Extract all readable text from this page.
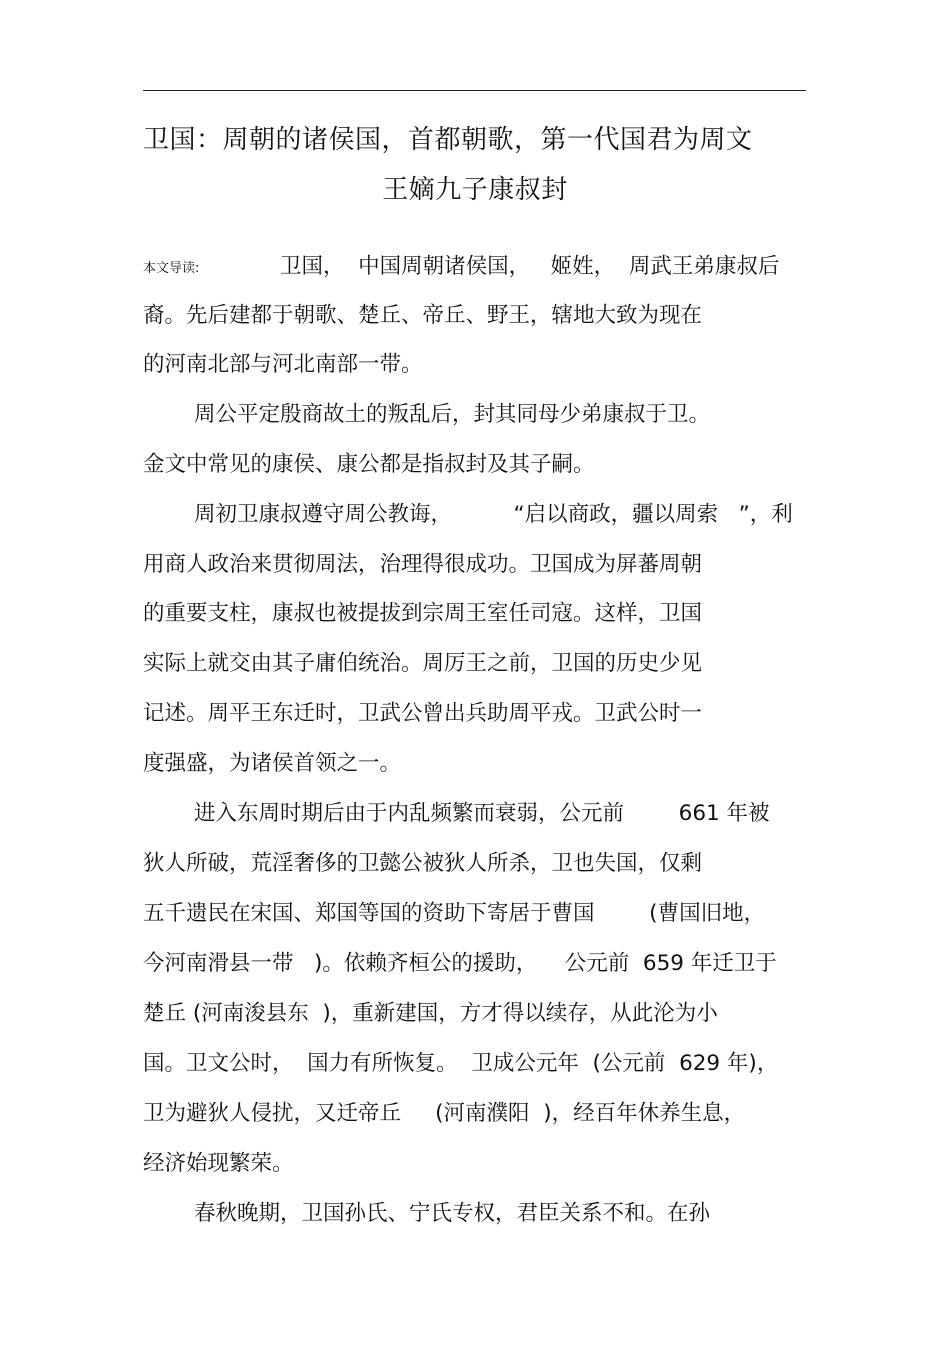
卫国：周朝的诸侯国，首都朝歌，第一代国君为周文
王嫡九子康叔封
本文导读:	卫国，  中国周朝诸侯国，   姬姓，  周武王弟康叔后
裔。先后建都于朝歌、楚丘、帝丘、野王，辖地大致为现在
的河南北部与河北南部一带。
周公平定殷商故土的叛乱后，封其同母少弟康叔于卫。
金文中常见的康侯、康公都是指叔封及其子嗣。
周初卫康叔遵守周公教诲，         “启以商政，疆以周索   ”，利
用商人政治来贯彻周法，治理得很成功。卫国成为屏蕃周朝
的重要支柱，康叔也被提拔到宗周王室任司寇。这样，卫国
实际上就交由其子庸伯统治。周厉王之前，卫国的历史少见
记述。周平王东迁时，卫武公曾出兵助周平戎。卫武公时一
度强盛，为诸侯首领之一。
进入东周时期后由于内乱频繁而衰弱，公元前        661 年被
狄人所破，荒淫奢侈的卫懿公被狄人所杀，卫也失国，仅剩
五千遗民在宋国、郑国等国的资助下寄居于曹国        (曹国旧地，
今河南滑县一带   )。依赖齐桓公的援助，    公元前  659 年迁卫于
楚丘 (河南浚县东  )，重新建国，方才得以续存，从此沦为小
国。卫文公时，  国力有所恢复。  卫成公元年  (公元前  629 年)，
卫为避狄人侵扰，又迁帝丘     (河南濮阳  )，经百年休养生息，
经济始现繁荣。
春秋晚期，卫国孙氏、宁氏专权，君臣关系不和。在孙
